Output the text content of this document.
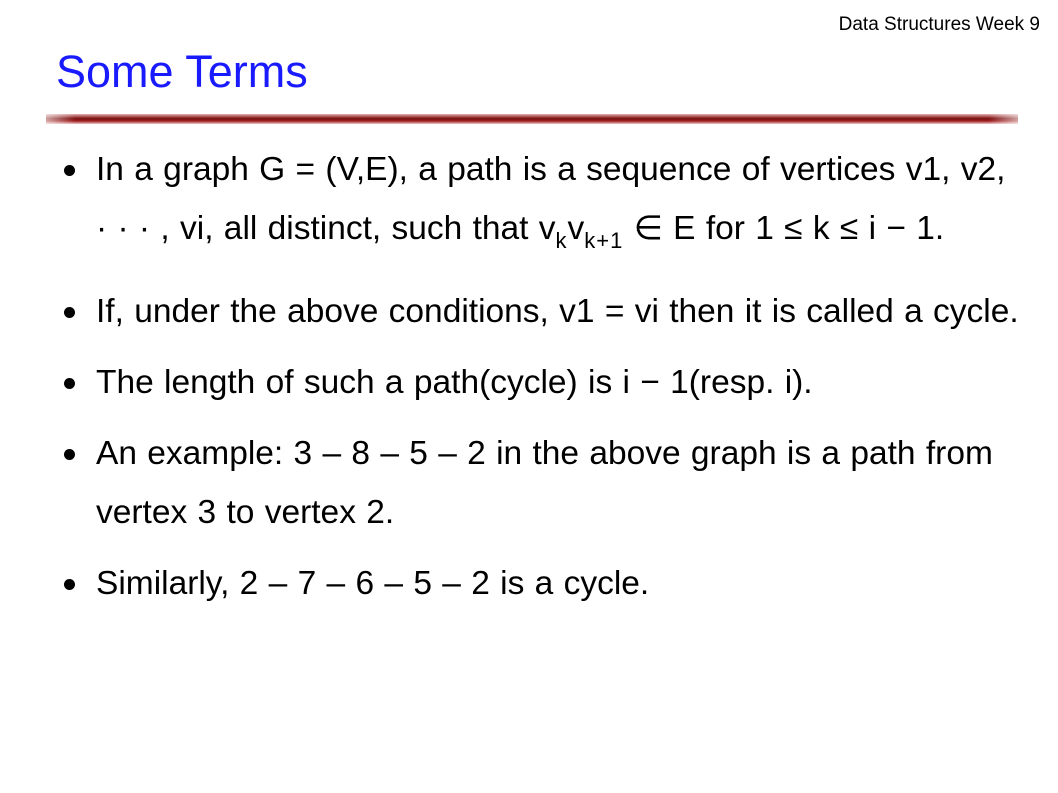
Data Structures Week 9
Some Terms
In a graph G = (V,E), a path is a sequence of vertices v1, v2, · · · , vi, all distinct, such that $v_kv_{k+1}$ ∈ E for 1 ≤ k ≤ i − 1.
If, under the above conditions, v1 = vi then it is called a cycle.
The length of such a path(cycle) is i − 1(resp. i).
An example: 3 – 8 – 5 – 2 in the above graph is a path from vertex 3 to vertex 2.
Similarly, 2 – 7 – 6 – 5 – 2 is a cycle.
